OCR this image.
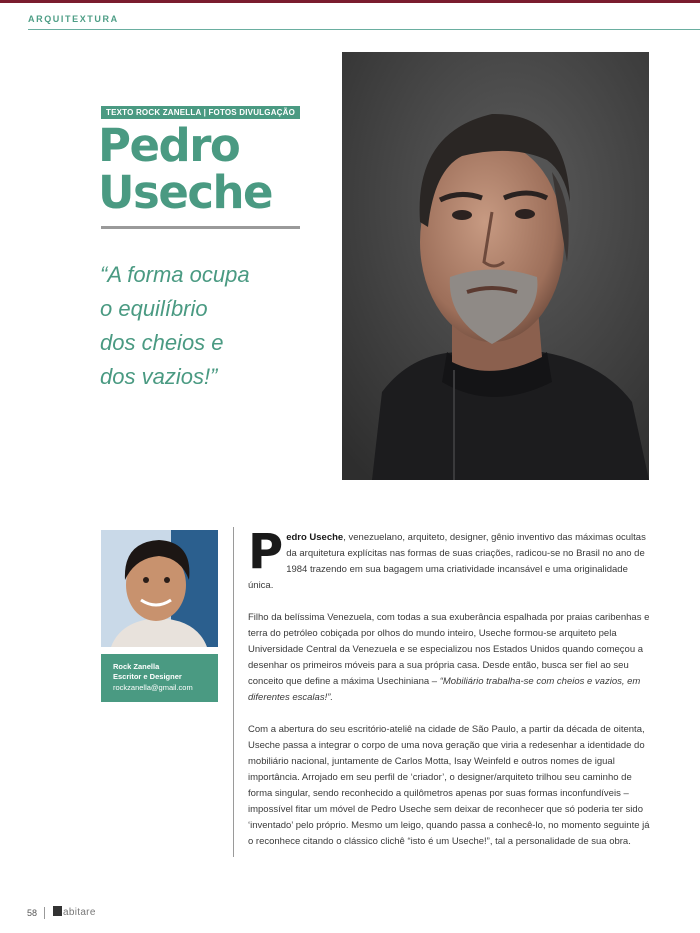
ARQUITEXTURA
TEXTO ROCK ZANELLA | FOTOS DIVULGAÇÃO
Pedro
Useche
“A forma ocupa
o equilíbrio
dos cheios e
dos vazios!”
Rock Zanella
Escritor e Designer
rockzanella@gmail.com

Pedro Useche, venezuelano, arquiteto, designer, gênio inventivo das máximas ocultas da arquitetura explícitas nas formas de suas criações, radicou-se no Brasil no ano de 1984 trazendo em sua bagagem uma criatividade incansável e uma originalidade única.

Filho da belíssima Venezuela, com todas a sua exuberância espalhada por praias caribenhas e terra do petróleo cobiçada por olhos do mundo inteiro, Useche formou-se arquiteto pela Universidade Central da Venezuela e se especializou nos Estados Unidos quando começou a desenhar os primeiros móveis para a sua própria casa. Desde então, busca ser fiel ao seu conceito que define a máxima Usechiniana – “Mobiliário trabalha-se com cheios e vazios, em diferentes escalas!”.

Com a abertura do seu escritório-ateliê na cidade de São Paulo, a partir da década de oitenta, Useche passa a integrar o corpo de uma nova geração que viria a redesenhar a identidade do mobiliário nacional, juntamente de Carlos Motta, Isay Weinfeld e outros nomes de igual importância. Arrojado em seu perfil de ‘criador’, o designer/arquiteto trilhou seu caminho de forma singular, sendo reconhecido a quilômetros apenas por suas formas inconfundíveis – impossível fitar um móvel de Pedro Useche sem deixar de reconhecer que só poderia ter sido ‘inventado’ pelo próprio. Mesmo um leigo, quando passa a conhecê-lo, no momento seguinte já o reconhece citando o clássico clichê “isto é um Useche!”, tal a personalidade de sua obra.

58	abitare
